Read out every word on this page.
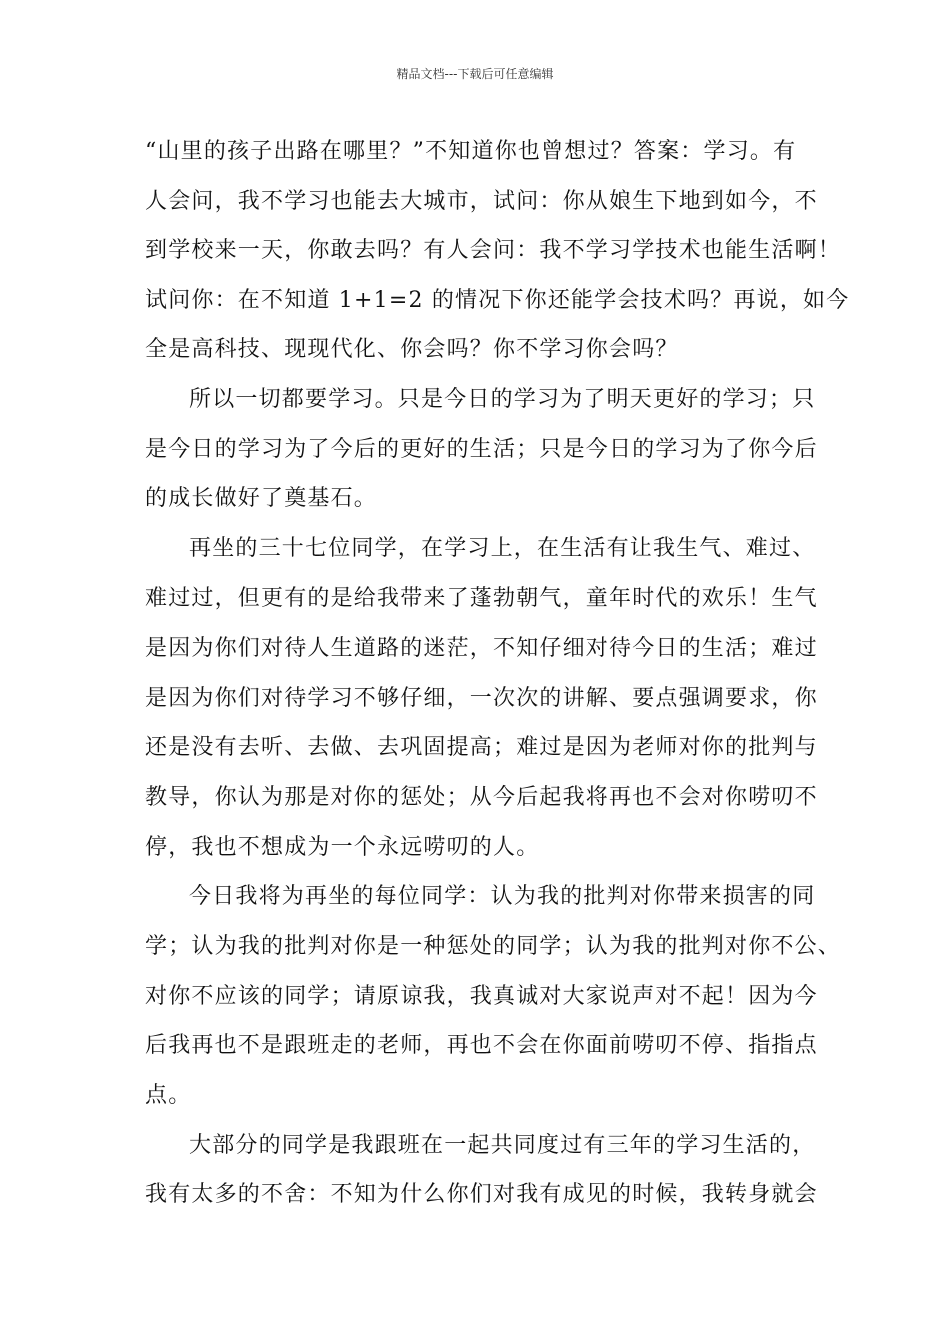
精品文档---下载后可任意编辑
“山里的孩子出路在哪里？”不知道你也曾想过？答案：学习。有
人会问，我不学习也能去大城市，试问：你从娘生下地到如今，不
到学校来一天，你敢去吗？有人会问：我不学习学技术也能生活啊！
试问你：在不知道 1+1=2 的情况下你还能学会技术吗？再说，如今
全是高科技、现现代化、你会吗？你不学习你会吗？
所以一切都要学习。只是今日的学习为了明天更好的学习；只
是今日的学习为了今后的更好的生活；只是今日的学习为了你今后
的成长做好了奠基石。
再坐的三十七位同学，在学习上，在生活有让我生气、难过、
难过过，但更有的是给我带来了蓬勃朝气，童年时代的欢乐！生气
是因为你们对待人生道路的迷茫，不知仔细对待今日的生活；难过
是因为你们对待学习不够仔细，一次次的讲解、要点强调要求，你
还是没有去听、去做、去巩固提高；难过是因为老师对你的批判与
教导，你认为那是对你的惩处；从今后起我将再也不会对你唠叨不
停，我也不想成为一个永远唠叨的人。
今日我将为再坐的每位同学：认为我的批判对你带来损害的同
学；认为我的批判对你是一种惩处的同学；认为我的批判对你不公、
对你不应该的同学；请原谅我，我真诚对大家说声对不起！因为今
后我再也不是跟班走的老师，再也不会在你面前唠叨不停、指指点
点。
大部分的同学是我跟班在一起共同度过有三年的学习生活的，
我有太多的不舍：不知为什么你们对我有成见的时候，我转身就会
